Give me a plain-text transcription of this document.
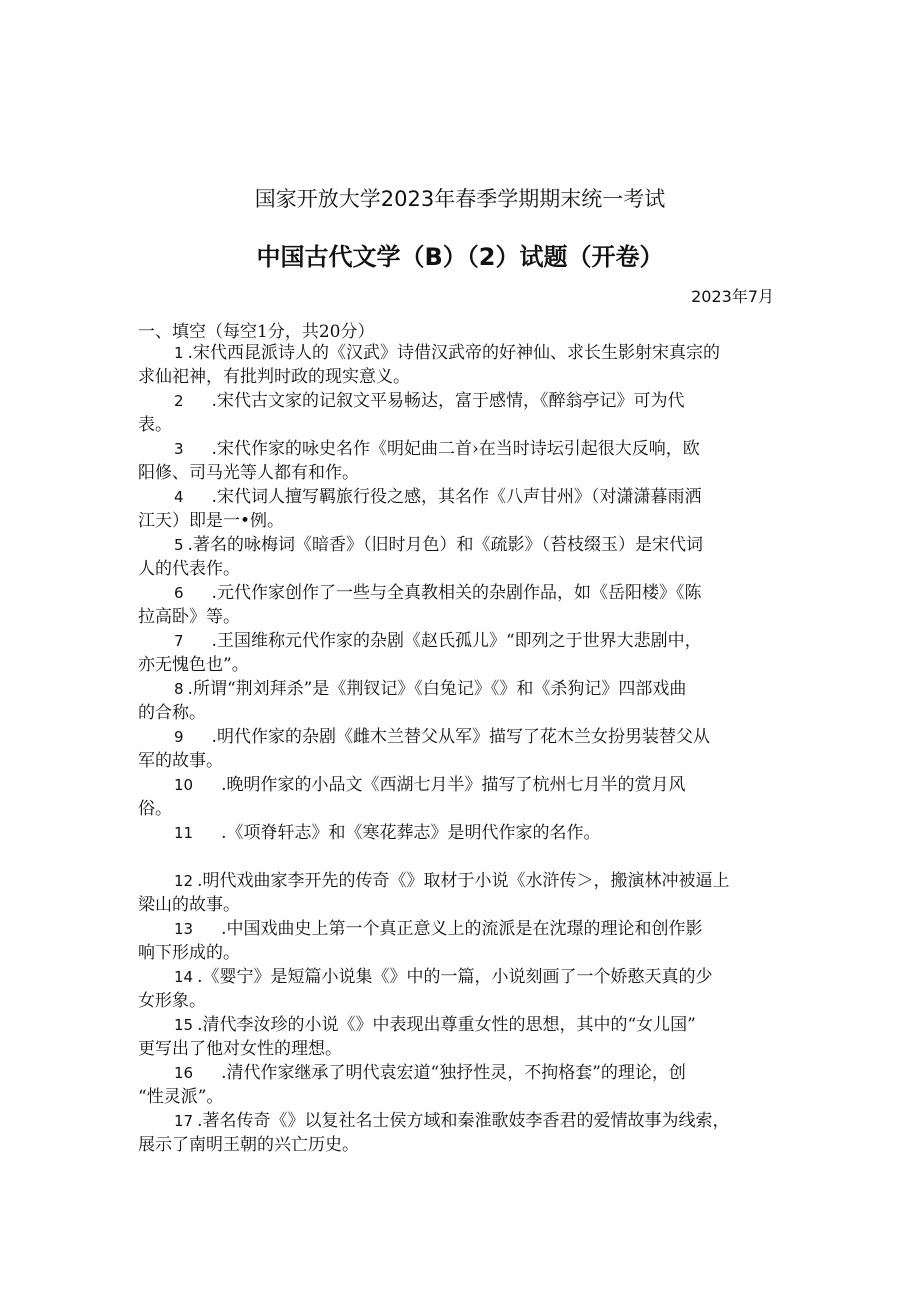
国家开放大学2023年春季学期期末统一考试
中国古代文学（B）（2）试题（开卷）
2023年7月
一、填空（每空1分，共20分）
1 .宋代西昆派诗人的《汉武》诗借汉武帝的好神仙、求长生影射宋真宗的
求仙祀神，有批判时政的现实意义。
2 .宋代古文家的记叙文平易畅达，富于感情，《醉翁亭记》可为代
表。
3 .宋代作家的咏史名作《明妃曲二首›在当时诗坛引起很大反响，欧
阳修、司马光等人都有和作。
4 .宋代词人擅写羁旅行役之感，其名作《八声甘州》（对潇潇暮雨洒
江天）即是一•例。
5 .著名的咏梅词《暗香》（旧时月色）和《疏影》（苔枝缀玉）是宋代词
人的代表作。
6 .元代作家创作了一些与全真教相关的杂剧作品，如《岳阳楼》《陈
拉高卧》等。
7 .王国维称元代作家的杂剧《赵氏孤儿》“即列之于世界大悲剧中，
亦无愧色也”。
8 .所谓“荆刘拜杀”是《荆钗记》《白兔记》《》和《杀狗记》四部戏曲
的合称。
9 .明代作家的杂剧《雌木兰替父从军》描写了花木兰女扮男装替父从
军的故事。
10 .晚明作家的小品文《西湖七月半》描写了杭州七月半的赏月风
俗。
11 .《项脊轩志》和《寒花葬志》是明代作家的名作。
12 .明代戏曲家李开先的传奇《》取材于小说《水浒传＞，搬演林冲被逼上
梁山的故事。
13 .中国戏曲史上第一个真正意义上的流派是在沈璟的理论和创作影
响下形成的。
14 .《婴宁》是短篇小说集《》中的一篇，小说刻画了一个娇憨天真的少
女形象。
15 .清代李汝珍的小说《》中表现出尊重女性的思想，其中的“女儿国”
更写出了他对女性的理想。
16 .清代作家继承了明代袁宏道“独抒性灵，不拘格套”的理论，创
“性灵派”。
17 .著名传奇《》以复社名士侯方域和秦淮歌妓李香君的爱情故事为线索，
展示了南明王朝的兴亡历史。
